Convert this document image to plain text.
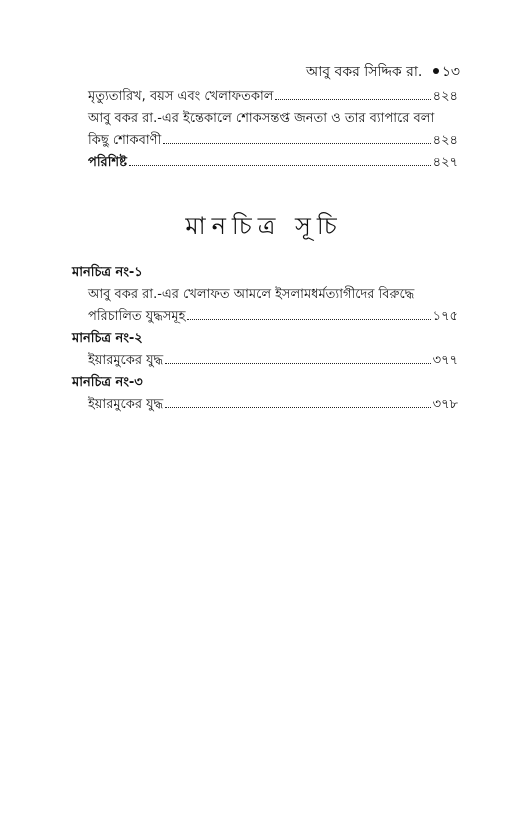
আবু বকর সিদ্দিক রা. ১৩
মৃত্যুতারিখ, বয়স এবং খেলাফতকাল	৪২৪
আবু বকর রা.-এর ইন্তেকালে শোকসন্তপ্ত জনতা ও তার ব্যাপারে বলা
কিছু শোকবাণী	৪২৪
পরিশিষ্ট	৪২৭
মানচিত্র সূচি
মানচিত্র নং-১
আবু বকর রা.-এর খেলাফত আমলে ইসলামধর্মত্যাগীদের বিরুদ্ধে
পরিচালিত যুদ্ধসমূহ	১৭৫
মানচিত্র নং-২
ইয়ারমুকের যুদ্ধ	৩৭৭
মানচিত্র নং-৩
ইয়ারমুকের যুদ্ধ	৩৭৮
